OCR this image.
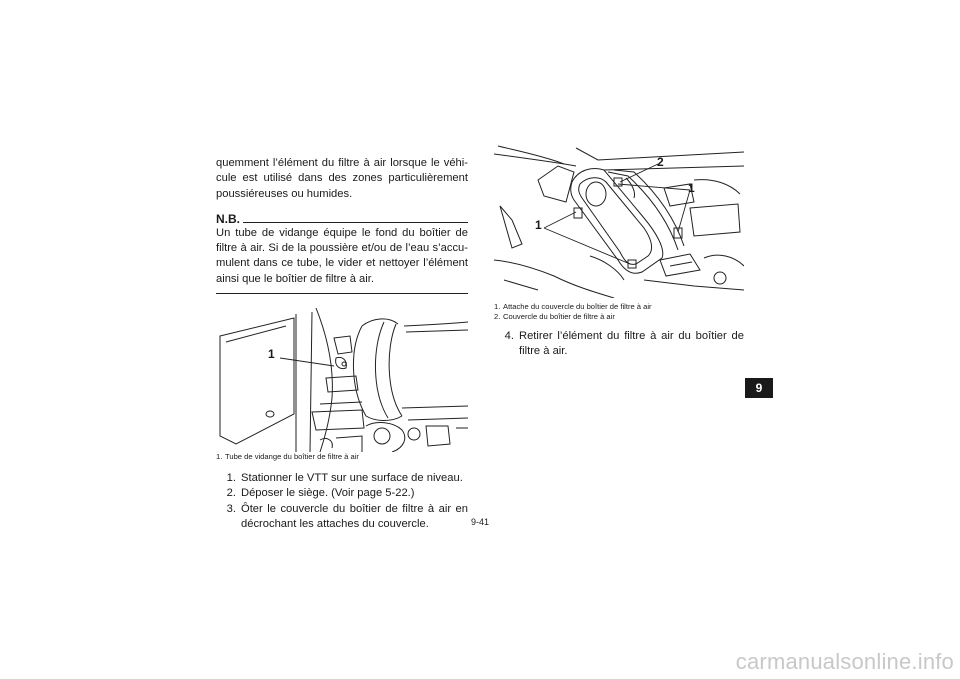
quemment l’élément du filtre à air lorsque le véhi-cule est utilisé dans des zones particulièrement poussiéreuses ou humides.

N.B.

Un tube de vidange équipe le fond du boîtier de filtre à air. Si de la poussière et/ou de l’eau s’accu-mulent dans ce tube, le vider et nettoyer l’élément ainsi que le boîtier de filtre à air.

1
1. Tube de vidange du boîtier de filtre à air
1. Stationner le VTT sur une surface de niveau.
2. Déposer le siège. (Voir page 5-22.)
3. Ôter le couvercle du boîtier de filtre à air en décrochant les attaches du couvercle.
2
1
1
1. Attache du couvercle du boîtier de filtre à air
2. Couvercle du boîtier de filtre à air
4. Retirer l’élément du filtre à air du boîtier de filtre à air.
9
9-41
carmanualsonline.info
